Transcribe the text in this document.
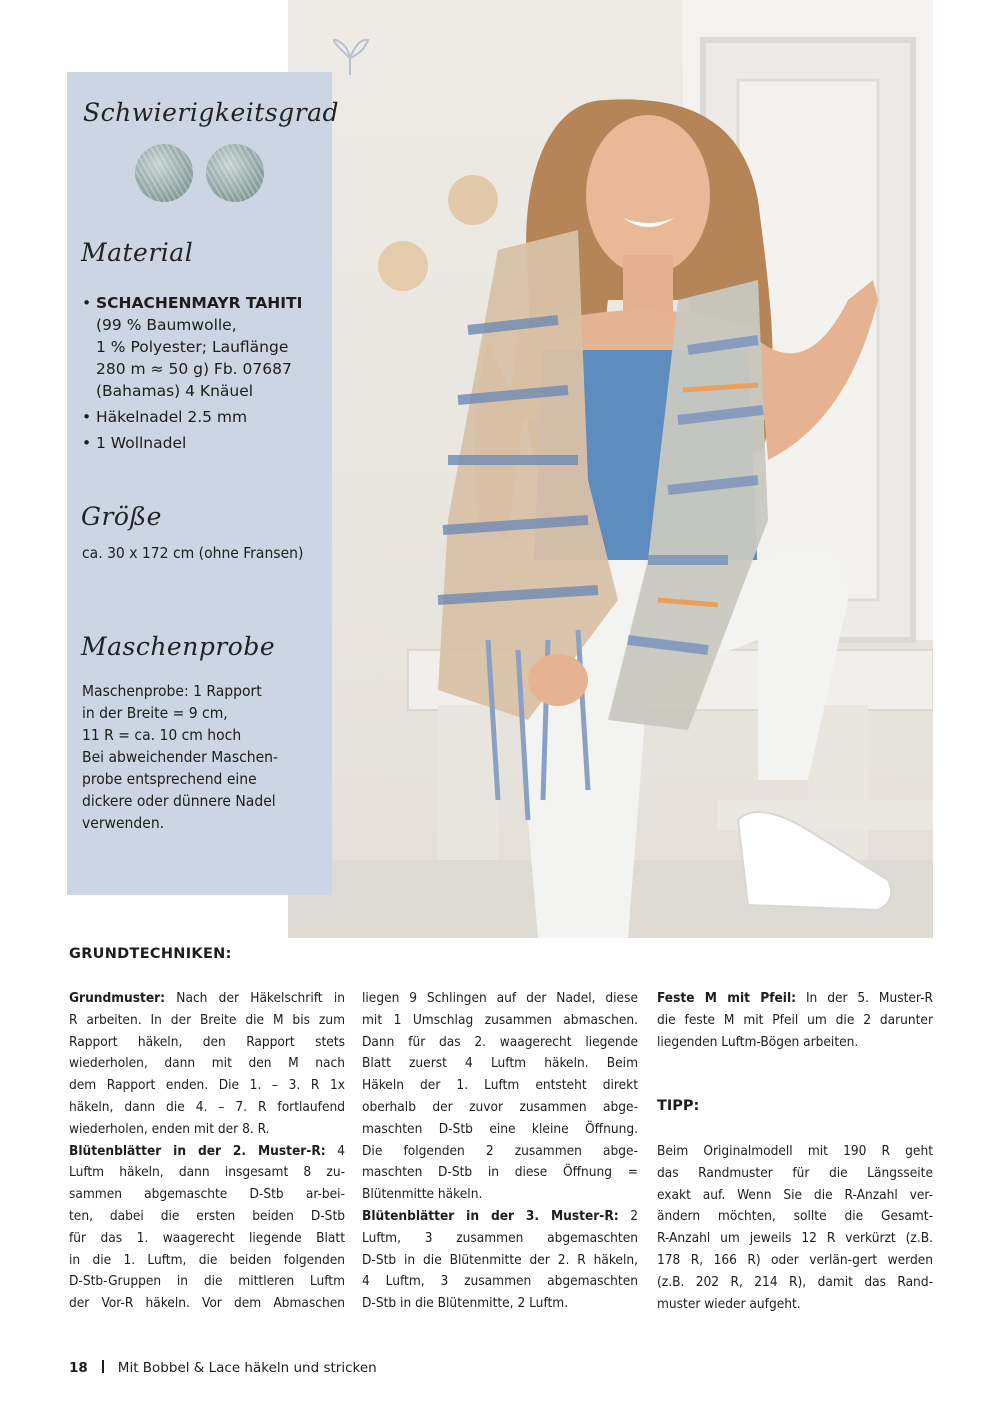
Schwierigkeitsgrad
Material
• SCHACHENMAYR TAHITI
(99 % Baumwolle,
1 % Polyester; Lauflänge
280 m ≈ 50 g) Fb. 07687
(Bahamas) 4 Knäuel
• Häkelnadel 2.5 mm
• 1 Wollnadel
Größe
ca. 30 x 172 cm (ohne Fransen)
Maschenprobe
Maschenprobe: 1 Rapport
in der Breite = 9 cm,
11 R = ca. 10 cm hoch
Bei abweichender Maschen-
probe entsprechend eine
dickere oder dünnere Nadel
verwenden.
GRUNDTECHNIKEN:
Grundmuster: Nach der Häkelschrift in
R arbeiten. In der Breite die M bis zum
Rapport häkeln, den Rapport stets
wiederholen, dann mit den M nach
dem Rapport enden. Die 1. – 3. R 1x
häkeln, dann die 4. – 7. R fortlaufend
wiederholen, enden mit der 8. R.
Blütenblätter in der 2. Muster-R: 4
Luftm häkeln, dann insgesamt 8 zu-
sammen abgemaschte D-Stb ar-bei-
ten, dabei die ersten beiden D-Stb
für das 1. waagerecht liegende Blatt
in die 1. Luftm, die beiden folgenden
D-Stb-Gruppen in die mittleren Luftm
der Vor-R häkeln. Vor dem Abmaschen
liegen 9 Schlingen auf der Nadel, diese
mit 1 Umschlag zusammen abmaschen.
Dann für das 2. waagerecht liegende
Blatt zuerst 4 Luftm häkeln. Beim
Häkeln der 1. Luftm entsteht direkt
oberhalb der zuvor zusammen abge-
maschten D-Stb eine kleine Öffnung.
Die folgenden 2 zusammen abge-
maschten D-Stb in diese Öffnung =
Blütenmitte häkeln.
Blütenblätter in der 3. Muster-R: 2
Luftm, 3 zusammen abgemaschten
D-Stb in die Blütenmitte der 2. R häkeln,
4 Luftm, 3 zusammen abgemaschten
D-Stb in die Blütenmitte, 2 Luftm.
Feste M mit Pfeil: In der 5. Muster-R
die feste M mit Pfeil um die 2 darunter
liegenden Luftm-Bögen arbeiten.
TIPP:
Beim Originalmodell mit 190 R geht
das Randmuster für die Längsseite
exakt auf. Wenn Sie die R-Anzahl ver-
ändern möchten, sollte die Gesamt-
R-Anzahl um jeweils 12 R verkürzt (z.B.
178 R, 166 R) oder verlän-gert werden
(z.B. 202 R, 214 R), damit das Rand-
muster wieder aufgeht.
18 Mit Bobbel & Lace häkeln und stricken
